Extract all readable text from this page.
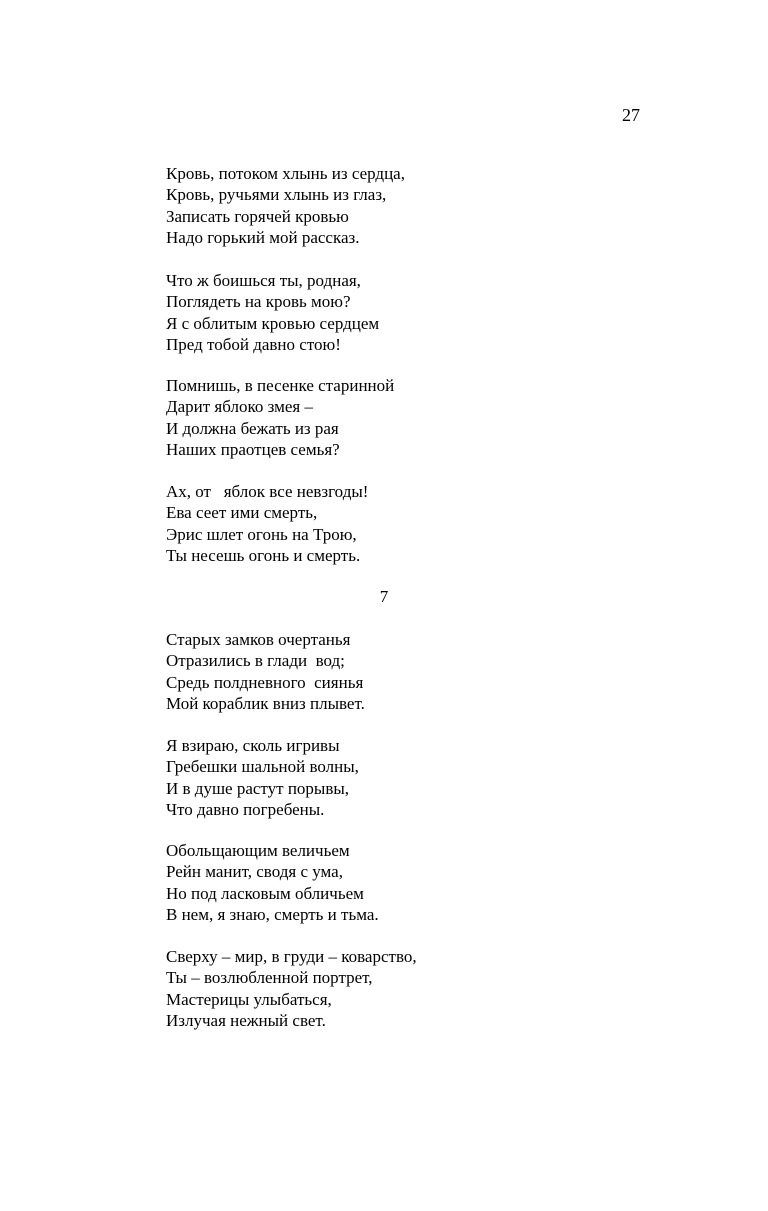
27
Кровь, потоком хлынь из сердца,
Кровь, ручьями хлынь из глаз,
Записать горячей кровью
Надо горький мой рассказ.
Что ж боишься ты, родная,
Поглядеть на кровь мою?
Я с облитым кровью сердцем
Пред тобой давно стою!
Помнишь, в песенке старинной
Дарит яблоко змея –
И должна бежать из рая
Наших праотцев семья?
Ах, от   яблок все невзгоды!
Ева сеет ими смерть,
Эрис шлет огонь на Трою,
Ты несешь огонь и смерть.
7
Старых замков очертанья
Отразились в глади  вод;
Средь полдневного  сиянья
Мой кораблик вниз плывет.
Я взираю, сколь игривы
Гребешки шальной волны,
И в душе растут порывы,
Что давно погребены.
Обольщающим величьем
Рейн манит, сводя с ума,
Но под ласковым обличьем
В нем, я знаю, смерть и тьма.
Сверху – мир, в груди – коварство,
Ты – возлюбленной портрет,
Мастерицы улыбаться,
Излучая нежный свет.
